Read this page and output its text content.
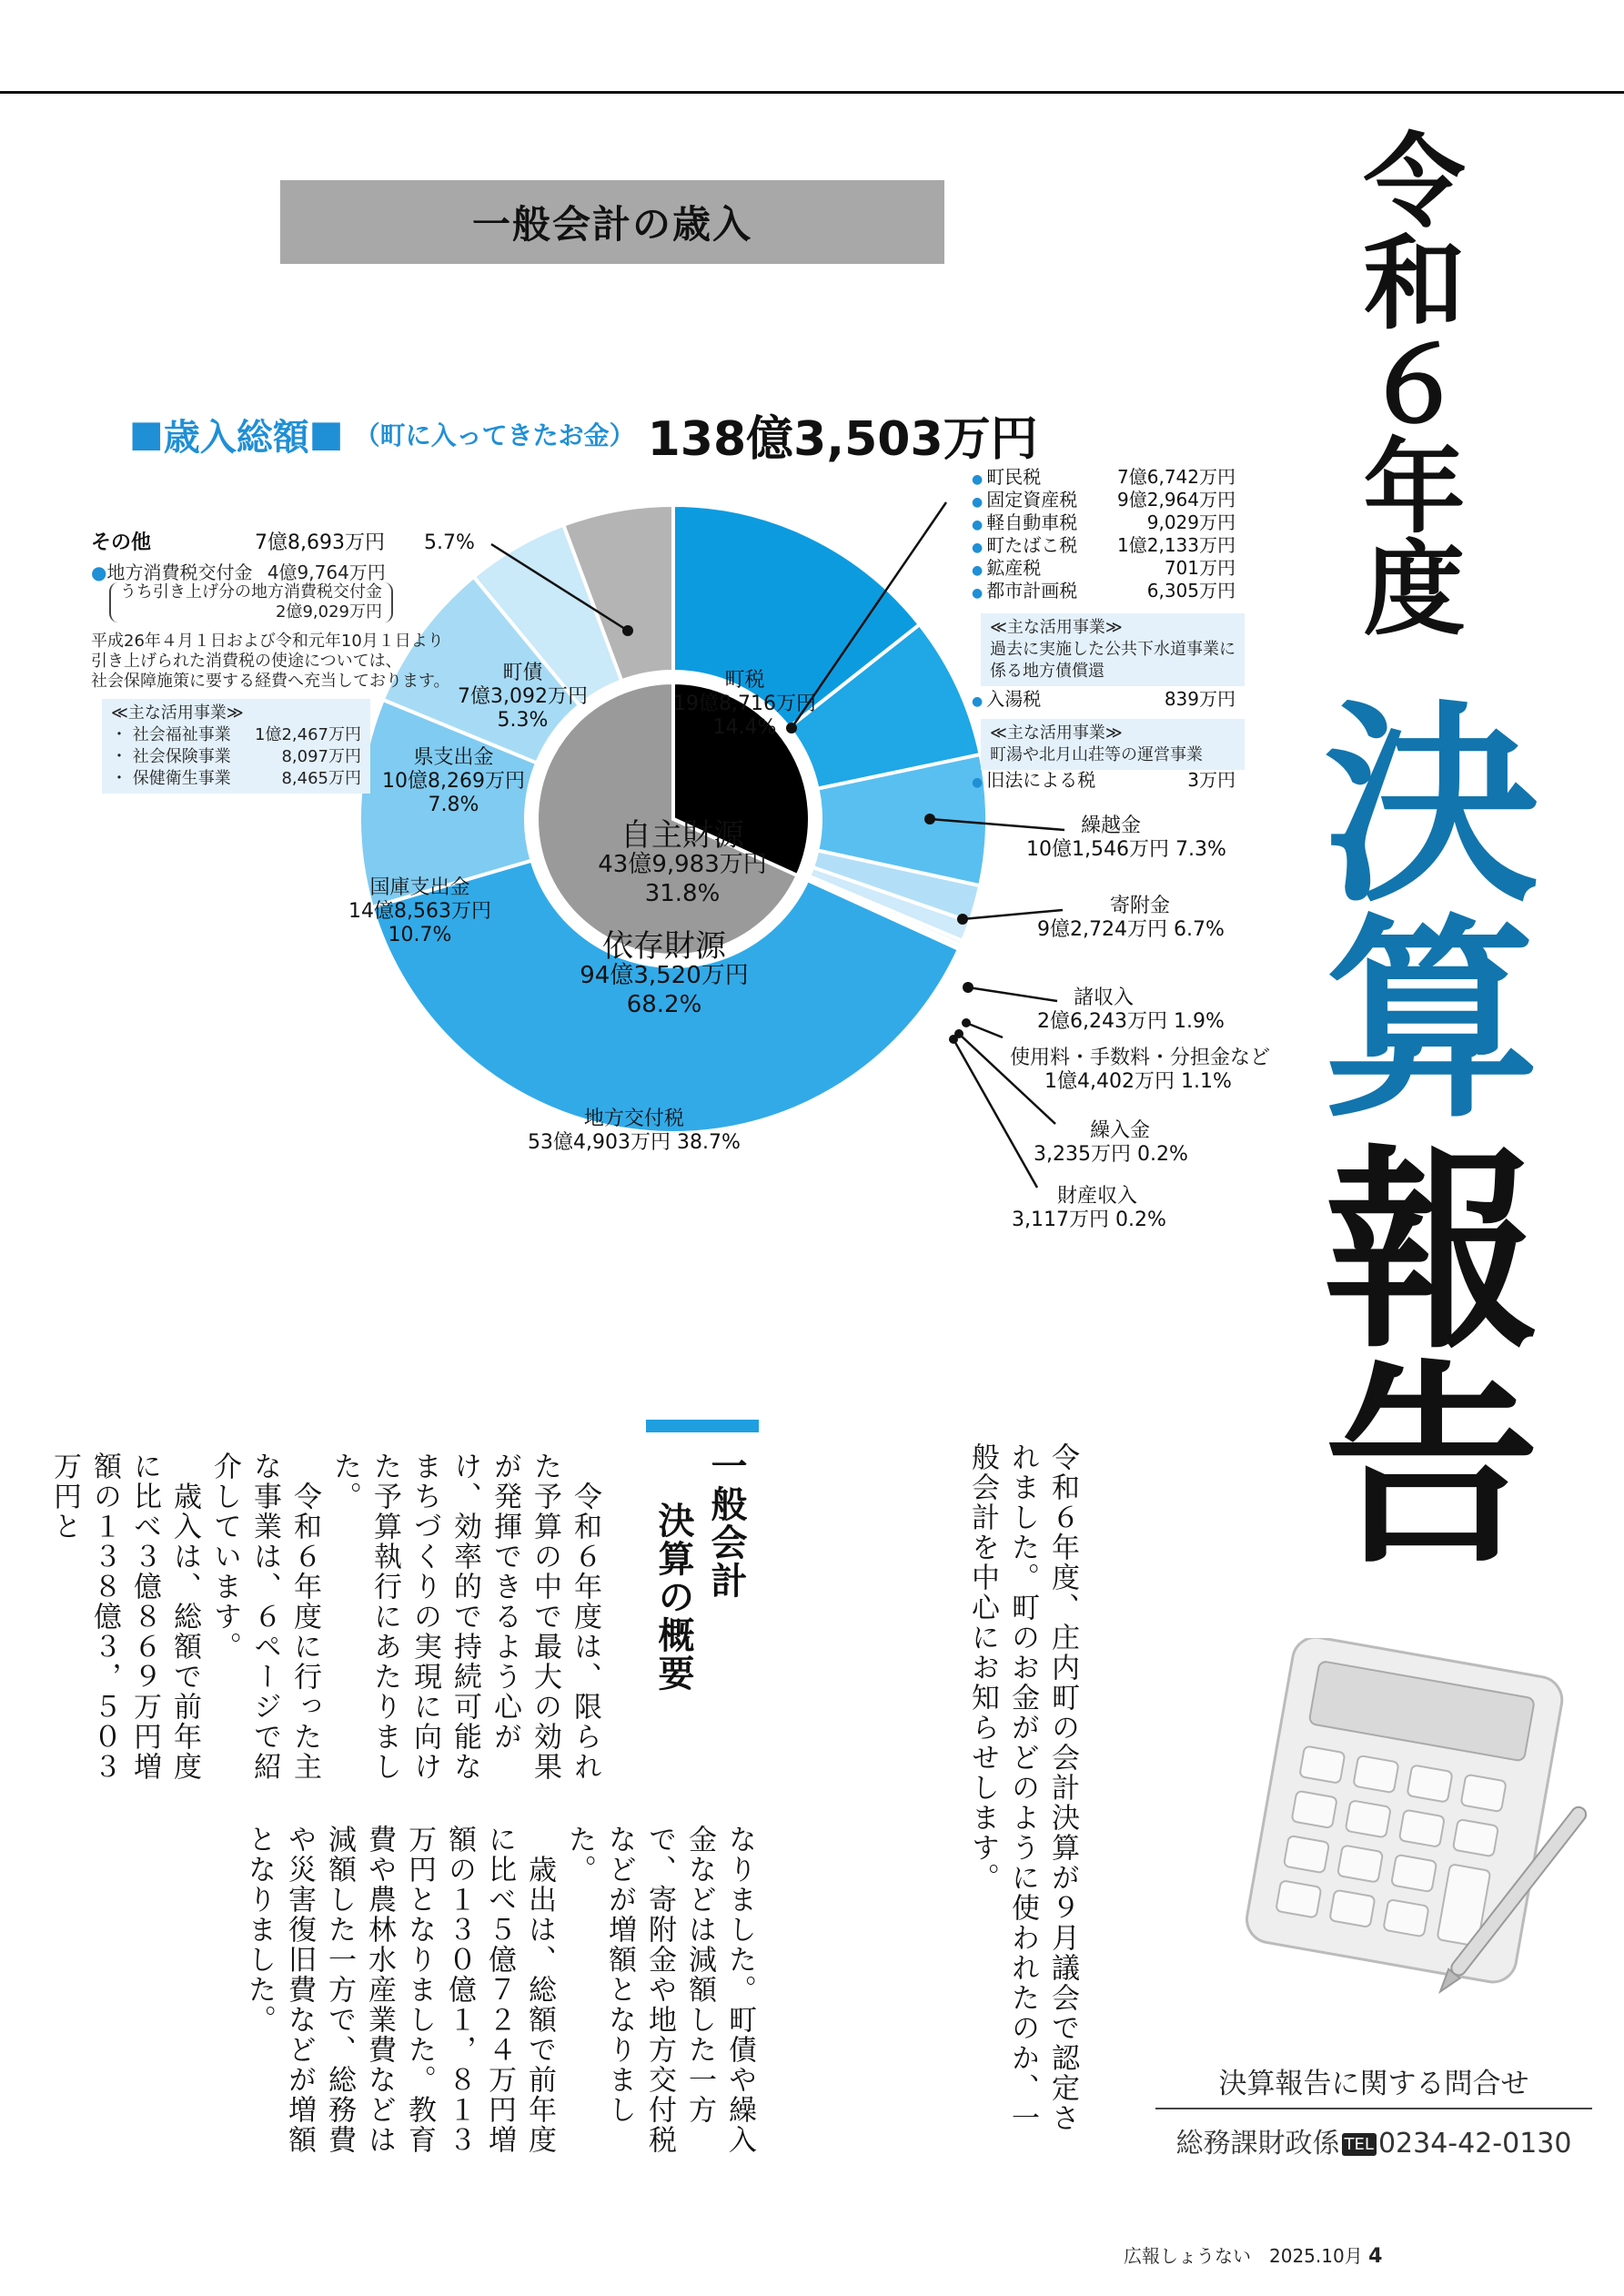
一般会計の歳入
■ 歳入総額 ■ （町に入ってきたお金） 138億3,503万円
町税
19億8,716万円
14.4%
地方交付税
53億4,903万円 38.7%
国庫支出金
14億8,563万円
10.7%
県支出金
10億8,269万円
7.8%
町債
7億3,092万円
5.3%
自主財源
43億9,983万円
31.8%
依存財源
94億3,520万円
68.2%
繰越金
10億1,546万円 7.3%
寄附金
9億2,724万円 6.7%
諸収入
2億6,243万円 1.9%
使用料・手数料・分担金など
1億4,402万円 1.1%
繰入金
3,235万円 0.2%
財産収入
3,117万円 0.2%
● 町民税	7億6,742万円
● 固定資産税 9億2,964万円
● 軽自動車税	9,029万円
● 町たばこ税 1億2,133万円
● 鉱産税	701万円
● 都市計画税	6,305万円
≪主な活用事業≫
過去に実施した公共下水道事業に
係る地方債償還
● 入湯税	839万円
≪主な活用事業≫
町湯や北月山荘等の運営事業
● 旧法による税	3万円
その他	7億8,693万円 5.7%
●地方消費税交付金 4億9,764万円
うち引き上げ分の地方消費税交付金
2億9,029万円
平成26年４月１日および令和元年10月１日より
引き上げられた消費税の使途については、
社会保障施策に要する経費へ充当しております。
≪主な活用事業≫
・ 社会福祉事業 1億2,467万円
・ 社会保険事業	8,097万円
・ 保健衛生事業	8,465万円
令和６年度
決算
報告
令和６年度、庄内町の会計決算が９月議会で認定されました。町のお金がどのように使われたのか、一般会計を中心にお知らせします。
一般会計
決算の概要
　令和６年度は、限られた予算の中で最大の効果が発揮できるよう心がけ、効率的で持続可能なまちづくりの実現に向けた予算執行にあたりました。
　令和６年度に行った主な事業は、６ページで紹介しています。
　歳入は、総額で前年度に比べ３億８６９万円増額の１３８億３，５０３万円と
なりました。町債や繰入金などは減額した一方で、寄附金や地方交付税などが増額となりました。
　歳出は、総額で前年度に比べ５億７２４万円増額の１３０億１，８１３万円となりました。教育費や農林水産業費などは減額した一方で、総務費や災害復旧費などが増額となりました。
決算報告に関する問合せ
総務課財政係 TEL 0234-42-0130
広報しょうない　2025.10月 4
